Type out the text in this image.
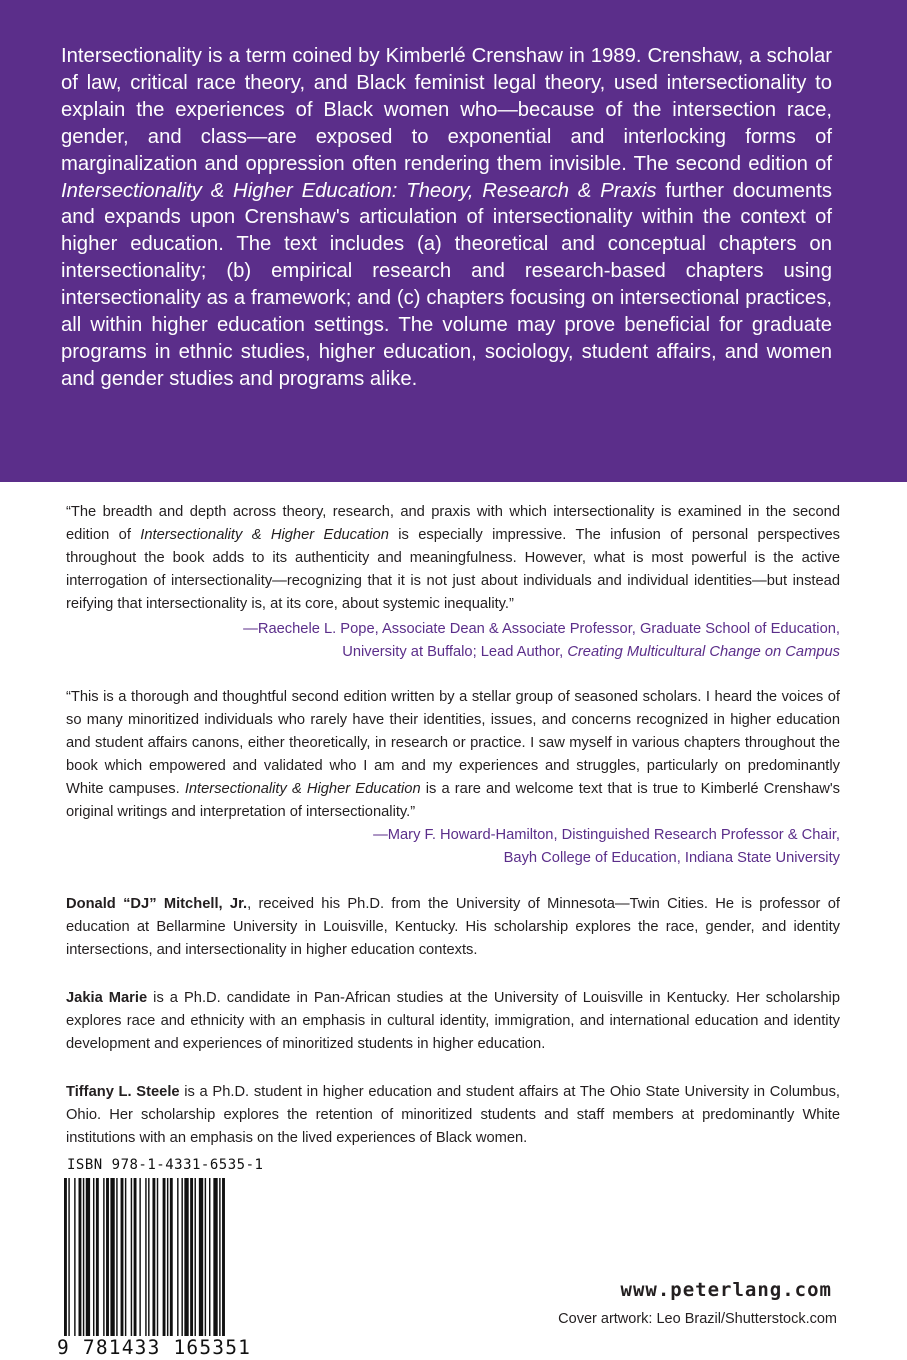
Intersectionality is a term coined by Kimberlé Crenshaw in 1989. Crenshaw, a scholar of law, critical race theory, and Black feminist legal theory, used intersectionality to explain the experiences of Black women who—because of the intersection race, gender, and class—are exposed to exponential and interlocking forms of marginalization and oppression often rendering them invisible. The second edition of Intersectionality & Higher Education: Theory, Research & Praxis further documents and expands upon Crenshaw's articulation of intersectionality within the context of higher education. The text includes (a) theoretical and conceptual chapters on intersectionality; (b) empirical research and research-based chapters using intersectionality as a framework; and (c) chapters focusing on intersectional practices, all within higher education settings. The volume may prove beneficial for graduate programs in ethnic studies, higher education, sociology, student affairs, and women and gender studies and programs alike.

“The breadth and depth across theory, research, and praxis with which intersectionality is examined in the second edition of Intersectionality & Higher Education is especially impressive. The infusion of personal perspectives throughout the book adds to its authenticity and meaningfulness. However, what is most powerful is the active interrogation of intersectionality—recognizing that it is not just about individuals and individual identities—but instead reifying that intersectionality is, at its core, about systemic inequality.”

—Raechele L. Pope, Associate Dean & Associate Professor, Graduate School of Education,
University at Buffalo; Lead Author, Creating Multicultural Change on Campus

“This is a thorough and thoughtful second edition written by a stellar group of seasoned scholars. I heard the voices of so many minoritized individuals who rarely have their identities, issues, and concerns recognized in higher education and student affairs canons, either theoretically, in research or practice. I saw myself in various chapters throughout the book which empowered and validated who I am and my experiences and struggles, particularly on predominantly White campuses. Intersectionality & Higher Education is a rare and welcome text that is true to Kimberlé Crenshaw's original writings and interpretation of intersectionality.”

—Mary F. Howard-Hamilton, Distinguished Research Professor & Chair,
Bayh College of Education, Indiana State University

Donald “DJ” Mitchell, Jr., received his Ph.D. from the University of Minnesota—Twin Cities. He is professor of education at Bellarmine University in Louisville, Kentucky. His scholarship explores the race, gender, and identity intersections, and intersectionality in higher education contexts.

Jakia Marie is a Ph.D. candidate in Pan-African studies at the University of Louisville in Kentucky. Her scholarship explores race and ethnicity with an emphasis in cultural identity, immigration, and international education and identity development and experiences of minoritized students in higher education.

Tiffany L. Steele is a Ph.D. student in higher education and student affairs at The Ohio State University in Columbus, Ohio. Her scholarship explores the retention of minoritized students and staff members at predominantly White institutions with an emphasis on the lived experiences of Black women.

ISBN 978-1-4331-6535-1
9 781433 165351
www.peterlang.com
Cover artwork: Leo Brazil/Shutterstock.com
